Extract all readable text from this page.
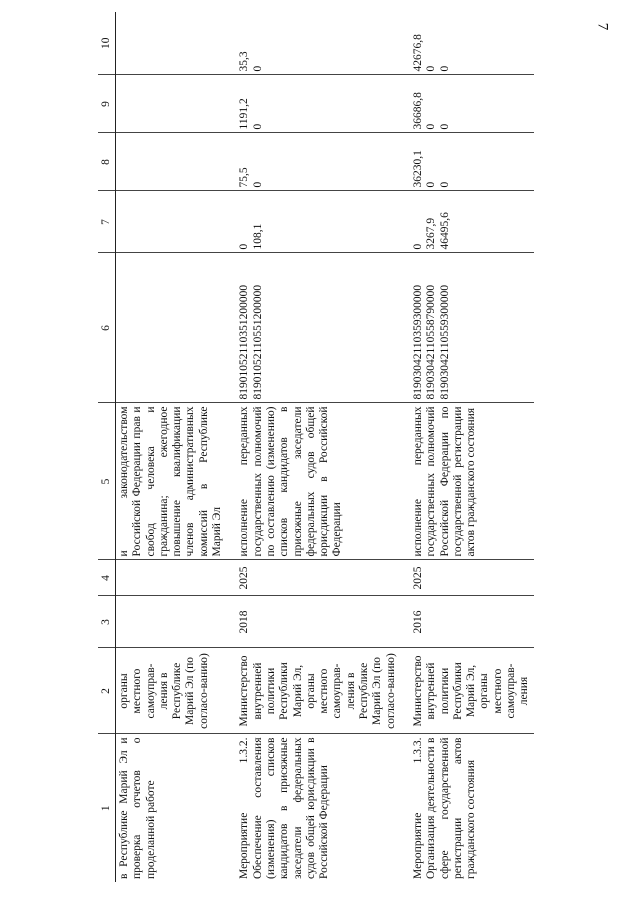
7
1	2	3	4	5	6	7	8	9	10
в Республике Марий Эл и проверка отчетов о проделанной работе	органы местного самоуправ-ления в Республике Марий Эл (по согласо-ванию)			и законодательством Российской Федерации прав и свобод человека и гражданина; ежегодное повышение квалификации членов административных комиссий в Республике Марий Эл					

Мероприятие 1.3.2. Обеспечение составления (изменения) списков кандидатов в присяжные заседатели федеральных судов общей юрисдикции в Российской Федерации	Министерство внутренней политики Республики Марий Эл, органы местного самоуправ-ления в Республике Марий Эл (по согласо-ванию)	2018	2025	исполнение переданных государственных полномочий по составлению (изменению) списков кандидатов в присяжные заседатели федеральных судов общей юрисдикции в Российской Федерации	81901052110351200000 81901052110551200000	0 108,1	75,5 0	1191,2 0	35,3 0

Мероприятие 1.3.3. Организация деятельности в сфере государственной регистрации актов гражданского состояния	Министерство внутренней политики Республики Марий Эл, органы местного самоуправ-ления	2016	2025	исполнение переданных государственных полномочий Российской Федерации по государственной регистрации актов гражданского состояния	81903042110359300000 81903042110558790000 81903042110559300000	0 3267,9 46495,6	36230,1 0 0	36686,8 0 0	42676,8 0 0
